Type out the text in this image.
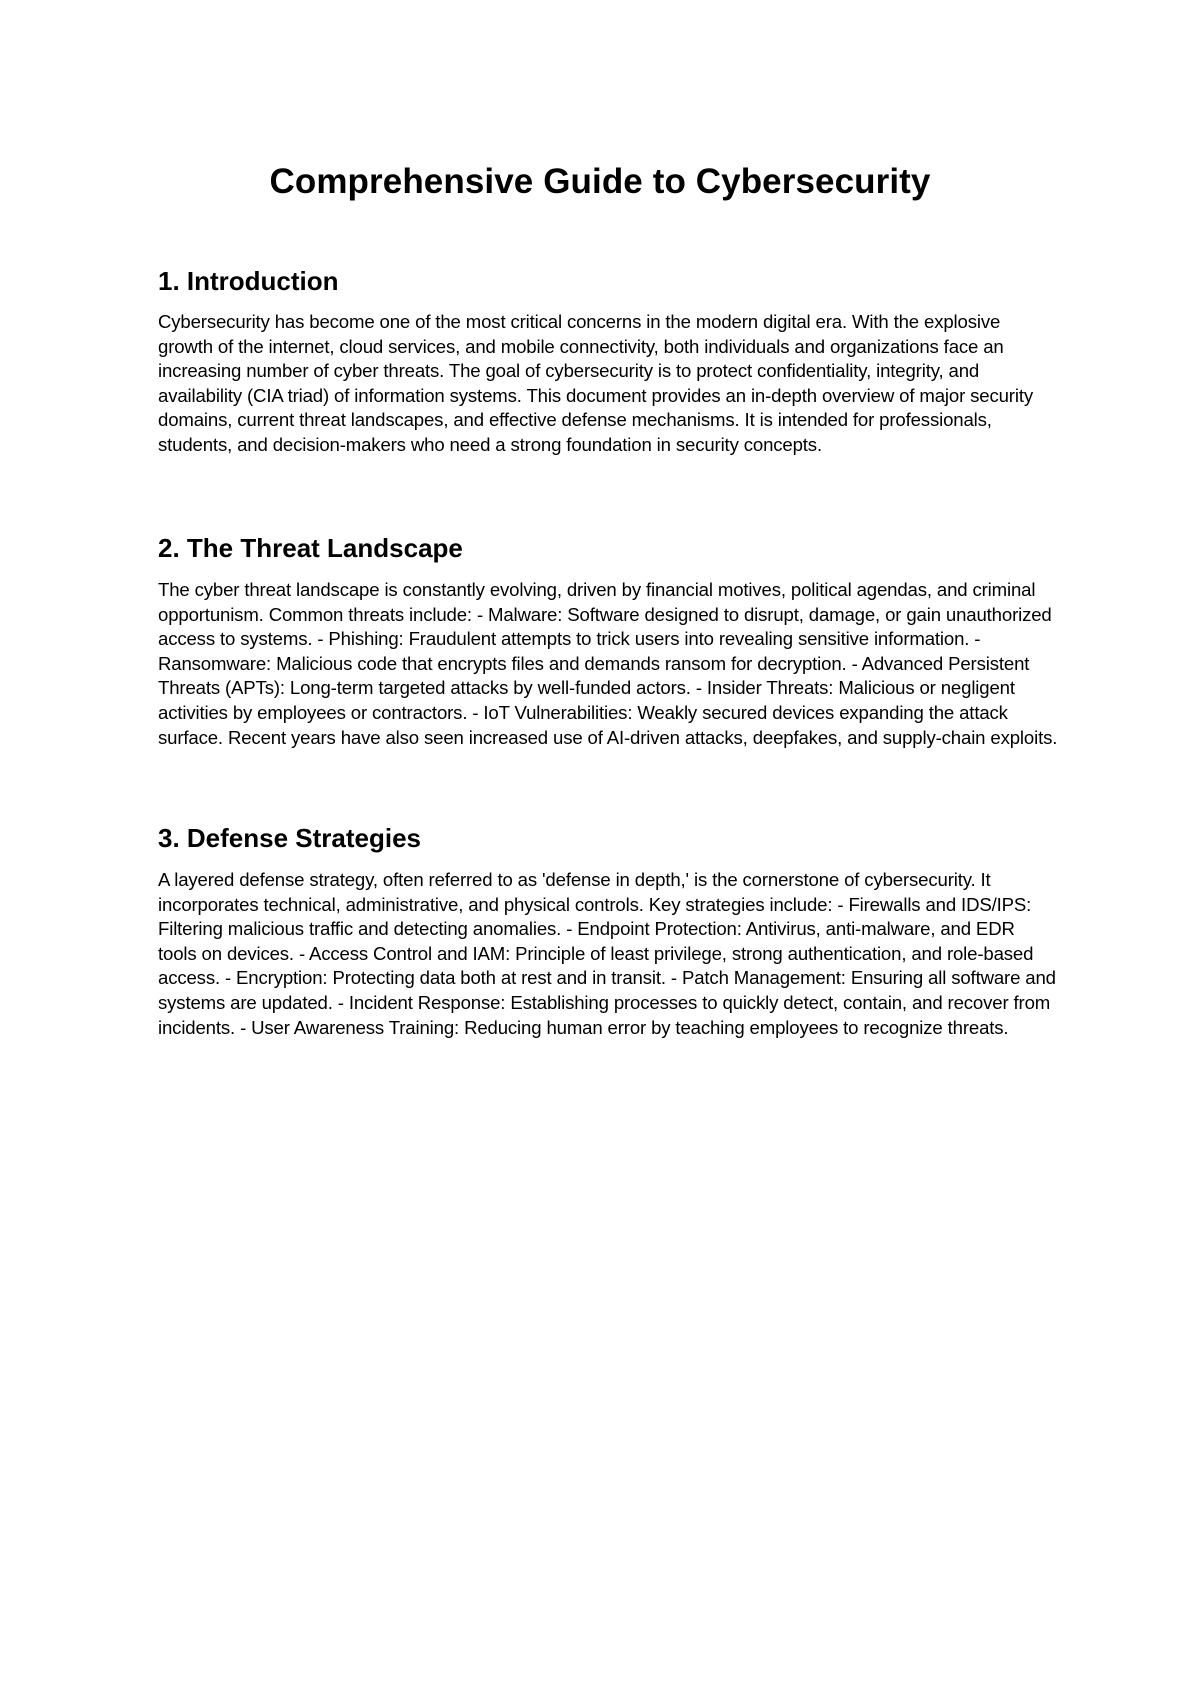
Comprehensive Guide to Cybersecurity
1. Introduction

Cybersecurity has become one of the most critical concerns in the modern digital era. With the explosive growth of the internet, cloud services, and mobile connectivity, both individuals and organizations face an increasing number of cyber threats. The goal of cybersecurity is to protect confidentiality, integrity, and availability (CIA triad) of information systems. This document provides an in-depth overview of major security domains, current threat landscapes, and effective defense mechanisms. It is intended for professionals, students, and decision-makers who need a strong foundation in security concepts.

2. The Threat Landscape

The cyber threat landscape is constantly evolving, driven by financial motives, political agendas, and criminal opportunism. Common threats include: - Malware: Software designed to disrupt, damage, or gain unauthorized access to systems. - Phishing: Fraudulent attempts to trick users into revealing sensitive information. - Ransomware: Malicious code that encrypts files and demands ransom for decryption. - Advanced Persistent Threats (APTs): Long-term targeted attacks by well-funded actors. - Insider Threats: Malicious or negligent activities by employees or contractors. - IoT Vulnerabilities: Weakly secured devices expanding the attack surface. Recent years have also seen increased use of AI-driven attacks, deepfakes, and supply-chain exploits.

3. Defense Strategies

A layered defense strategy, often referred to as 'defense in depth,' is the cornerstone of cybersecurity. It incorporates technical, administrative, and physical controls. Key strategies include: - Firewalls and IDS/IPS: Filtering malicious traffic and detecting anomalies. - Endpoint Protection: Antivirus, anti-malware, and EDR tools on devices. - Access Control and IAM: Principle of least privilege, strong authentication, and role-based access. - Encryption: Protecting data both at rest and in transit. - Patch Management: Ensuring all software and systems are updated. - Incident Response: Establishing processes to quickly detect, contain, and recover from incidents. - User Awareness Training: Reducing human error by teaching employees to recognize threats.
